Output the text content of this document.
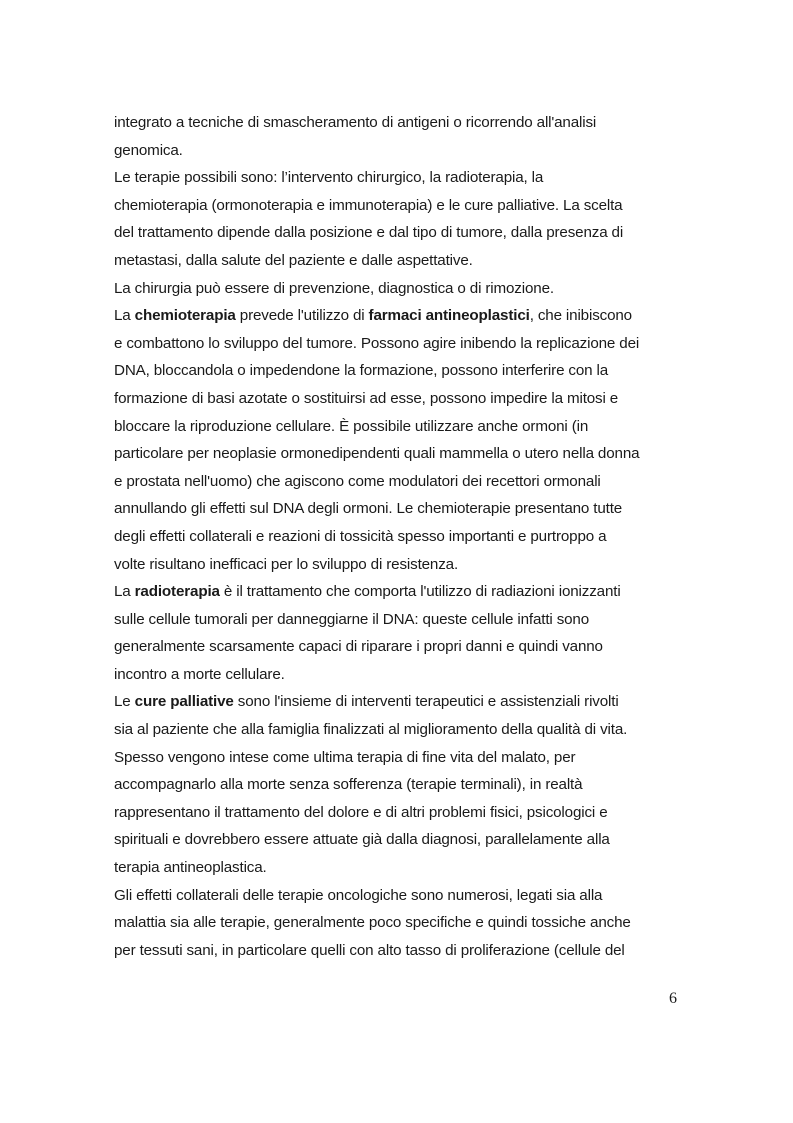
integrato a tecniche di smascheramento di antigeni o ricorrendo all'analisi
genomica.
Le terapie possibili sono: l’intervento chirurgico, la radioterapia, la
chemioterapia (ormonoterapia e immunoterapia) e le cure palliative. La scelta
del trattamento dipende dalla posizione e dal tipo di tumore, dalla presenza di
metastasi, dalla salute del paziente e dalle aspettative.
La chirurgia può essere di prevenzione, diagnostica o di rimozione.
La chemioterapia prevede l'utilizzo di farmaci antineoplastici, che inibiscono
e combattono lo sviluppo del tumore. Possono agire inibendo la replicazione dei
DNA, bloccandola o impedendone la formazione, possono interferire con la
formazione di basi azotate o sostituirsi ad esse, possono impedire la mitosi e
bloccare la riproduzione cellulare. È possibile utilizzare anche ormoni (in
particolare per neoplasie ormonedipendenti quali mammella o utero nella donna
e prostata nell'uomo) che agiscono come modulatori dei recettori ormonali
annullando gli effetti sul DNA degli ormoni. Le chemioterapie presentano tutte
degli effetti collaterali e reazioni di tossicità spesso importanti e purtroppo a
volte risultano inefficaci per lo sviluppo di resistenza.
La radioterapia è il trattamento che comporta l'utilizzo di radiazioni ionizzanti
sulle cellule tumorali per danneggiarne il DNA: queste cellule infatti sono
generalmente scarsamente capaci di riparare i propri danni e quindi vanno
incontro a morte cellulare.
Le cure palliative sono l'insieme di interventi terapeutici e assistenziali rivolti
sia al paziente che alla famiglia finalizzati al miglioramento della qualità di vita.
Spesso vengono intese come ultima terapia di fine vita del malato, per
accompagnarlo alla morte senza sofferenza (terapie terminali), in realtà
rappresentano il trattamento del dolore e di altri problemi fisici, psicologici e
spirituali e dovrebbero essere attuate già dalla diagnosi, parallelamente alla
terapia antineoplastica.
Gli effetti collaterali delle terapie oncologiche sono numerosi, legati sia alla
malattia sia alle terapie, generalmente poco specifiche e quindi tossiche anche
per tessuti sani, in particolare quelli con alto tasso di proliferazione (cellule del
6
